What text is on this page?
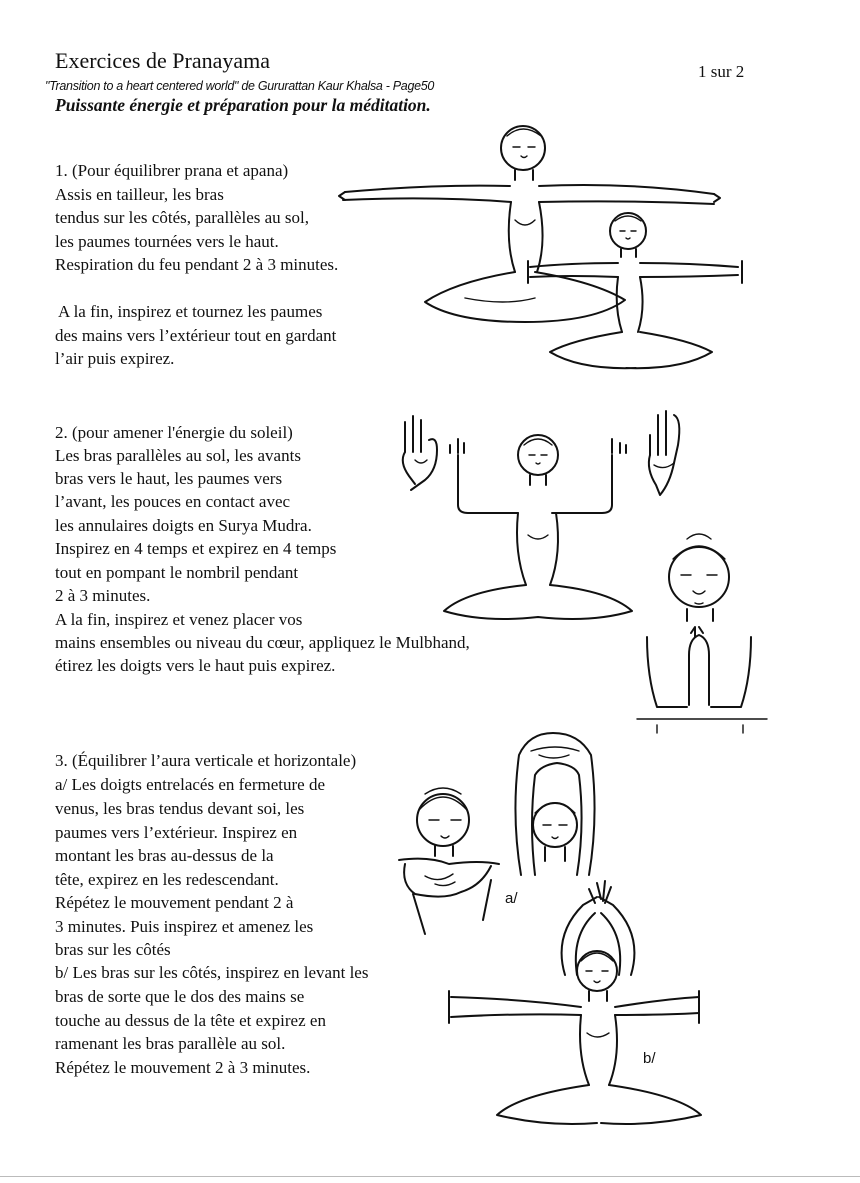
Exercices de Pranayama
"Transition to a heart centered world" de Gururattan Kaur Khalsa - Page50
Puissante énergie et préparation pour la méditation.
1 sur 2
1. (Pour équilibrer prana et apana)
Assis en tailleur, les bras
tendus sur les côtés, parallèles au sol,
les paumes tournées vers le haut.
Respiration du feu pendant 2 à 3 minutes.
A la fin, inspirez et tournez les paumes
des mains vers l’extérieur tout en gardant
l’air puis expirez.
2. (pour amener l'énergie du soleil)
Les bras parallèles au sol, les avants
bras vers le haut, les paumes vers
l’avant, les pouces en contact avec
les annulaires doigts en Surya Mudra.
Inspirez en 4 temps et expirez en 4 temps
tout en pompant le nombril pendant
2 à 3 minutes.
A la fin, inspirez et venez placer vos
mains ensembles ou niveau du cœur, appliquez le Mulbhand,
étirez les doigts vers le haut puis expirez.
3. (Équilibrer l’aura verticale et horizontale)
a/ Les doigts entrelacés en fermeture de
venus, les bras tendus devant soi, les
paumes vers l’extérieur. Inspirez en
montant les bras au-dessus de la
tête, expirez en les redescendant.
Répétez le mouvement pendant 2 à
3 minutes. Puis inspirez et amenez les
bras sur les côtés
b/ Les bras sur les côtés, inspirez en levant les
bras de sorte que le dos des mains se
touche au dessus de la tête et expirez en
ramenant les bras parallèle au sol.
Répétez le mouvement 2 à 3 minutes.
a/
b/
